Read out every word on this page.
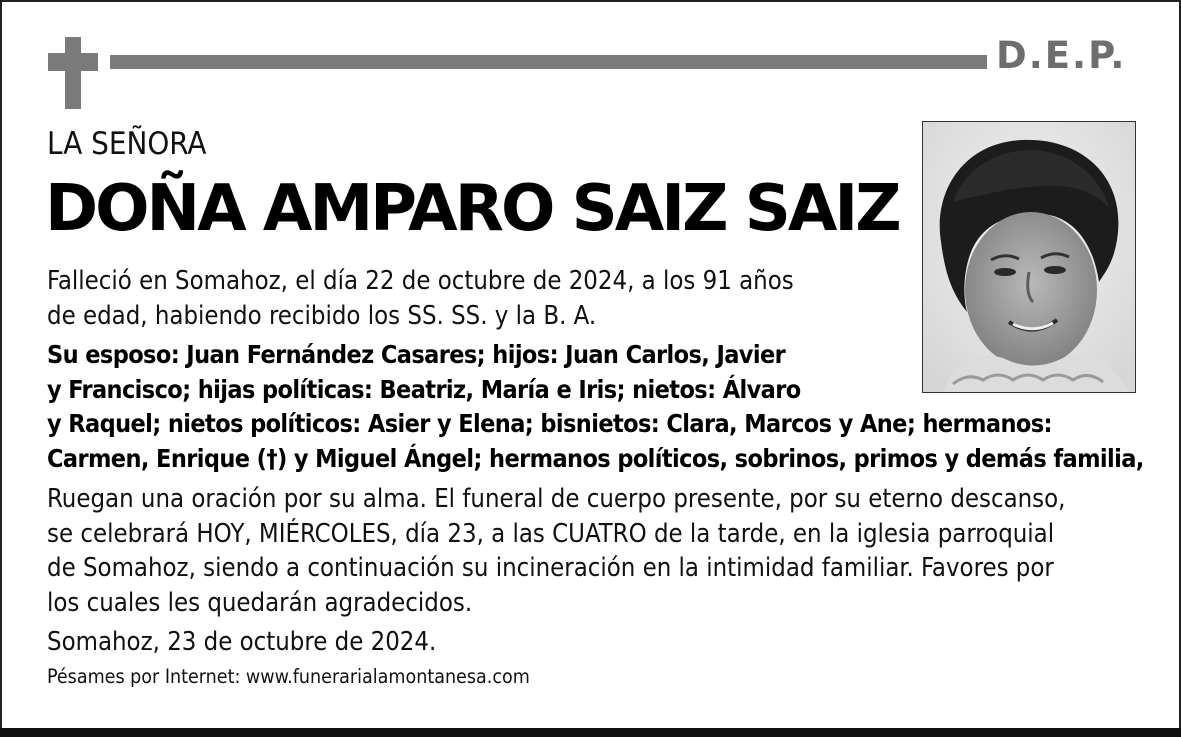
D.E.P.
LA SEÑORA
DOÑA AMPARO SAIZ SAIZ
Falleció en Somahoz, el día 22 de octubre de 2024, a los 91 años
de edad, habiendo recibido los SS. SS. y la B. A.
Su esposo: Juan Fernández Casares; hijos: Juan Carlos, Javier
y Francisco; hijas políticas: Beatriz, María e Iris; nietos: Álvaro
y Raquel; nietos políticos: Asier y Elena; bisnietos: Clara, Marcos y Ane; hermanos:
Carmen, Enrique (†) y Miguel Ángel; hermanos políticos, sobrinos, primos y demás familia,
Ruegan una oración por su alma. El funeral de cuerpo presente, por su eterno descanso,
se celebrará HOY, MIÉRCOLES, día 23, a las CUATRO de la tarde, en la iglesia parroquial
de Somahoz, siendo a continuación su incineración en la intimidad familiar. Favores por
los cuales les quedarán agradecidos.
Somahoz, 23 de octubre de 2024.
Pésames por Internet: www.funerarialamontanesa.com
